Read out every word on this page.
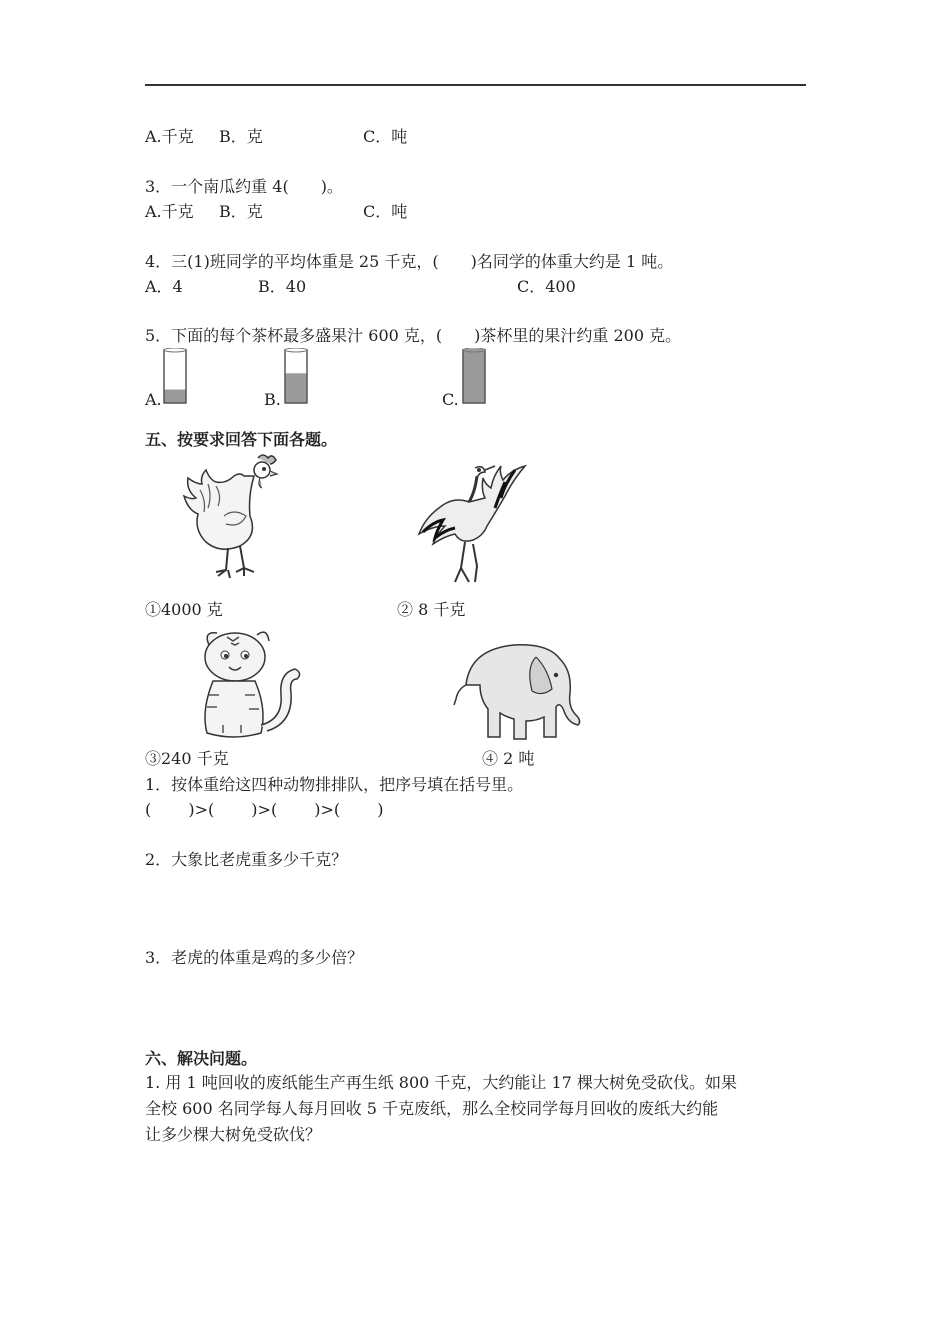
A.千克 B．克	C．吨
3．一个南瓜约重 4(　　)。
A.千克 B．克	C．吨
4．三(1)班同学的平均体重是 25 千克，(　　)名同学的体重大约是 1 吨。
A．4	B．40	C．400
5．下面的每个茶杯最多盛果汁 600 克，(　　)茶杯里的果汁约重 200 克。
A.	B.	C.
五、按要求回答下面各题。
①4000 克	② 8 千克
③240 千克	④ 2 吨
1．按体重给这四种动物排排队，把序号填在括号里。
(　　 )>(　　 )>(　　 )>(　　 )
2．大象比老虎重多少千克？
3．老虎的体重是鸡的多少倍？
六、解决问题。
1. 用 1 吨回收的废纸能生产再生纸 800 千克，大约能让 17 棵大树免受砍伐。如果
全校 600 名同学每人每月回收 5 千克废纸，那么全校同学每月回收的废纸大约能
让多少棵大树免受砍伐？
